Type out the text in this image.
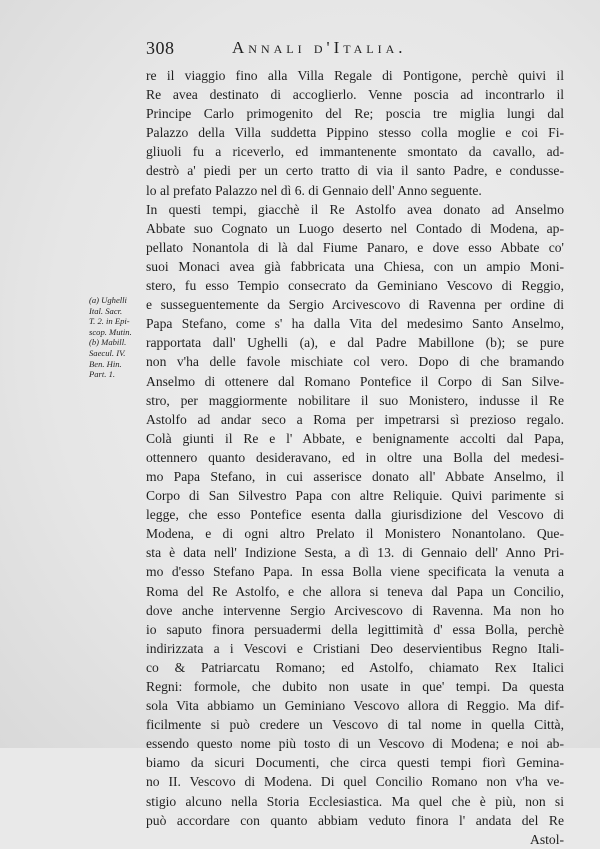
308	Annali d'Italia.
(a) Ughelli
Ital. Sacr.
T. 2. in Epi-
scop. Mutin.
(b) Mabill.
Saecul. IV.
Ben. Hin.
Part. 1.
re il viaggio fino alla Villa Regale di Pontigone, perchè quivi il
Re avea destinato di accoglierlo. Venne poscia ad incontrarlo il
Principe Carlo primogenito del Re; poscia tre miglia lungi dal
Palazzo della Villa suddetta Pippino stesso colla moglie e coi Fi-
gliuoli fu a riceverlo, ed immantenente smontato da cavallo, ad-
destrò a' piedi per un certo tratto di via il santo Padre, e condusse-
lo al prefato Palazzo nel dì 6. di Gennaio dell' Anno seguente.
In questi tempi, giacchè il Re Astolfo avea donato ad Anselmo
Abbate suo Cognato un Luogo deserto nel Contado di Modena, ap-
pellato Nonantola di là dal Fiume Panaro, e dove esso Abbate co'
suoi Monaci avea già fabbricata una Chiesa, con un ampio Moni-
stero, fu esso Tempio consecrato da Geminiano Vescovo di Reggio,
e susseguentemente da Sergio Arcivescovo di Ravenna per ordine di
Papa Stefano, come s' ha dalla Vita del medesimo Santo Anselmo,
rapportata dall' Ughelli (a), e dal Padre Mabillone (b); se pure
non v'ha delle favole mischiate col vero. Dopo di che bramando
Anselmo di ottenere dal Romano Pontefice il Corpo di San Silve-
stro, per maggiormente nobilitare il suo Monistero, indusse il Re
Astolfo ad andar seco a Roma per impetrarsi sì prezioso regalo.
Colà giunti il Re e l' Abbate, e benignamente accolti dal Papa,
ottennero quanto desideravano, ed in oltre una Bolla del medesi-
mo Papa Stefano, in cui asserisce donato all' Abbate Anselmo, il
Corpo di San Silvestro Papa con altre Reliquie. Quivi parimente si
legge, che esso Pontefice esenta dalla giurisdizione del Vescovo di
Modena, e di ogni altro Prelato il Monistero Nonantolano. Que-
sta è data nell' Indizione Sesta, a dì 13. di Gennaio dell' Anno Pri-
mo d'esso Stefano Papa. In essa Bolla viene specificata la venuta a
Roma del Re Astolfo, e che allora si teneva dal Papa un Concilio,
dove anche intervenne Sergio Arcivescovo di Ravenna. Ma non ho
io saputo finora persuadermi della legittimità d' essa Bolla, perchè
indirizzata a i Vescovi e Cristiani Deo deservientibus Regno Itali-
co & Patriarcatu Romano; ed Astolfo, chiamato Rex Italici
Regni: formole, che dubito non usate in que' tempi. Da questa
sola Vita abbiamo un Geminiano Vescovo allora di Reggio. Ma dif-
ficilmente si può credere un Vescovo di tal nome in quella Città,
essendo questo nome più tosto di un Vescovo di Modena; e noi ab-
biamo da sicuri Documenti, che circa questi tempi fiorì Gemina-
no II. Vescovo di Modena. Di quel Concilio Romano non v'ha ve-
stigio alcuno nella Storia Ecclesiastica. Ma quel che è più, non si
può accordare con quanto abbiam veduto finora l' andata del Re
Astol-
